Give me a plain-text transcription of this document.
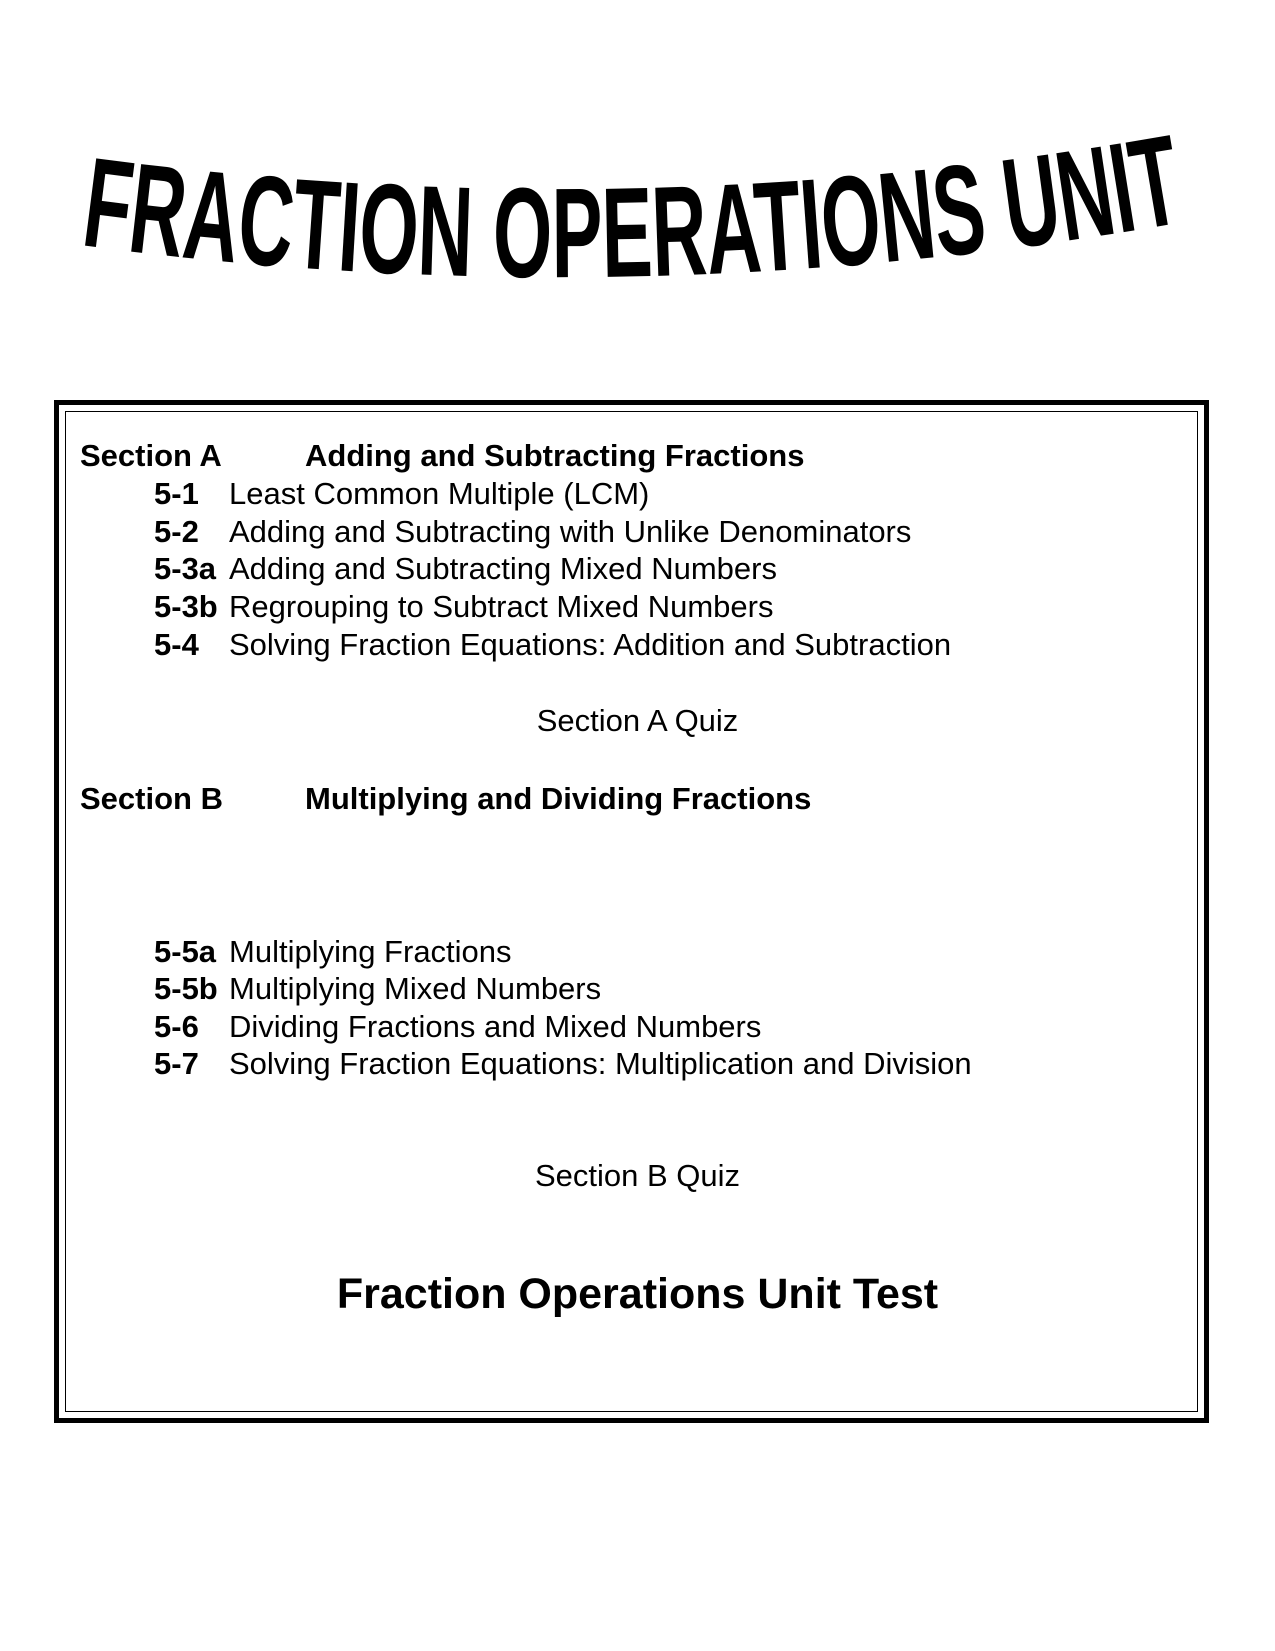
FRACTION OPERATIONS UNIT
Section A	Adding and Subtracting Fractions
5-1 Least Common Multiple (LCM)
5-2 Adding and Subtracting with Unlike Denominators
5-3a Adding and Subtracting Mixed Numbers
5-3b Regrouping to Subtract Mixed Numbers
5-4 Solving Fraction Equations: Addition and Subtraction
Section A Quiz
Section B	Multiplying and Dividing Fractions
5-5a Multiplying Fractions
5-5b Multiplying Mixed Numbers
5-6 Dividing Fractions and Mixed Numbers
5-7 Solving Fraction Equations: Multiplication and Division
Section B Quiz
Fraction Operations Unit Test
